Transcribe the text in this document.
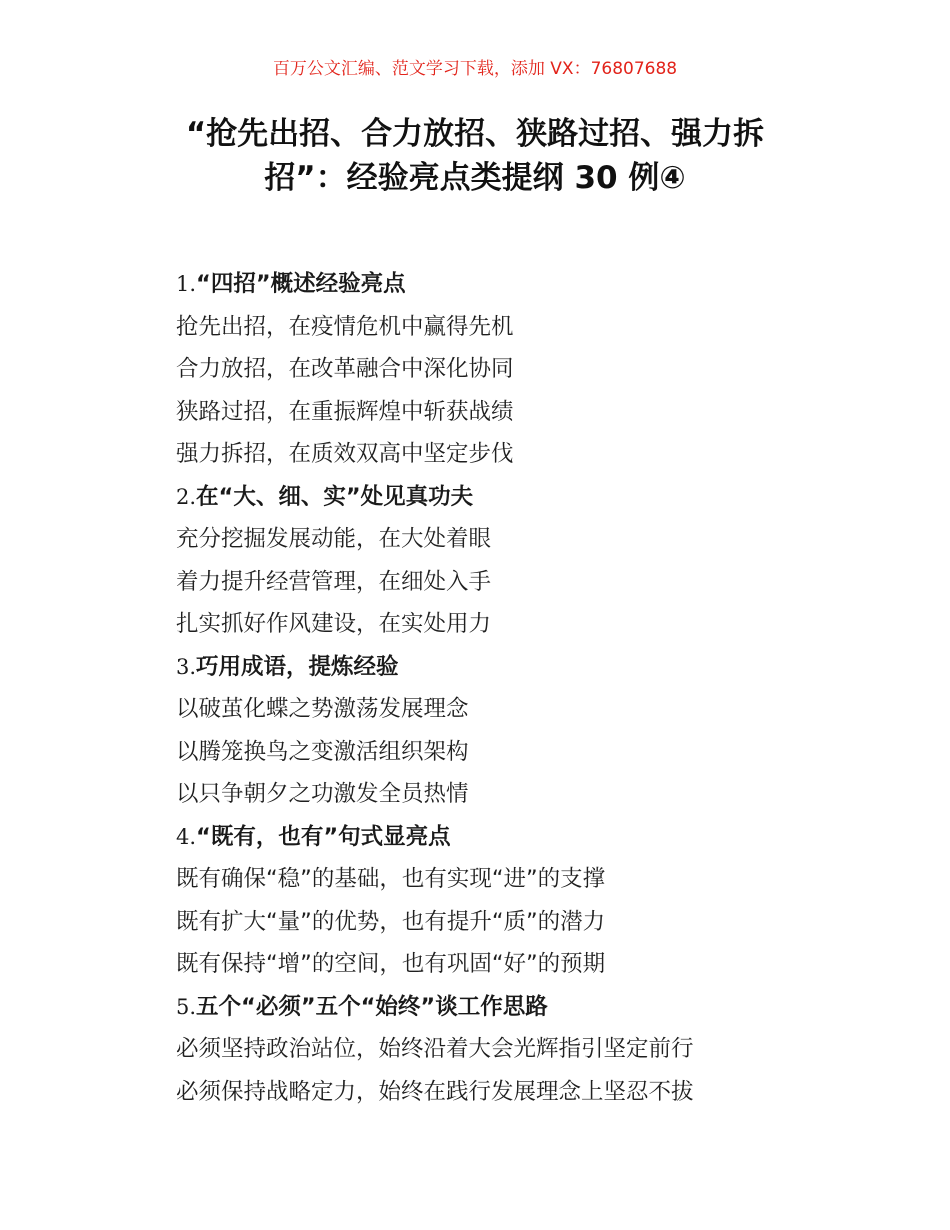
百万公文汇编、范文学习下载，添加 VX：76807688
“抢先出招、合力放招、狭路过招、强力拆
招”：经验亮点类提纲 30 例④
1.“四招”概述经验亮点
抢先出招，在疫情危机中赢得先机
合力放招，在改革融合中深化协同
狭路过招，在重振辉煌中斩获战绩
强力拆招，在质效双高中坚定步伐
2.在“大、细、实”处见真功夫
充分挖掘发展动能，在大处着眼
着力提升经营管理，在细处入手
扎实抓好作风建设，在实处用力
3.巧用成语，提炼经验
以破茧化蝶之势激荡发展理念
以腾笼换鸟之变激活组织架构
以只争朝夕之功激发全员热情
4.“既有，也有”句式显亮点
既有确保“稳”的基础，也有实现“进”的支撑
既有扩大“量”的优势，也有提升“质”的潜力
既有保持“增”的空间，也有巩固“好”的预期
5.五个“必须”五个“始终”谈工作思路
必须坚持政治站位，始终沿着大会光辉指引坚定前行
必须保持战略定力，始终在践行发展理念上坚忍不拔
